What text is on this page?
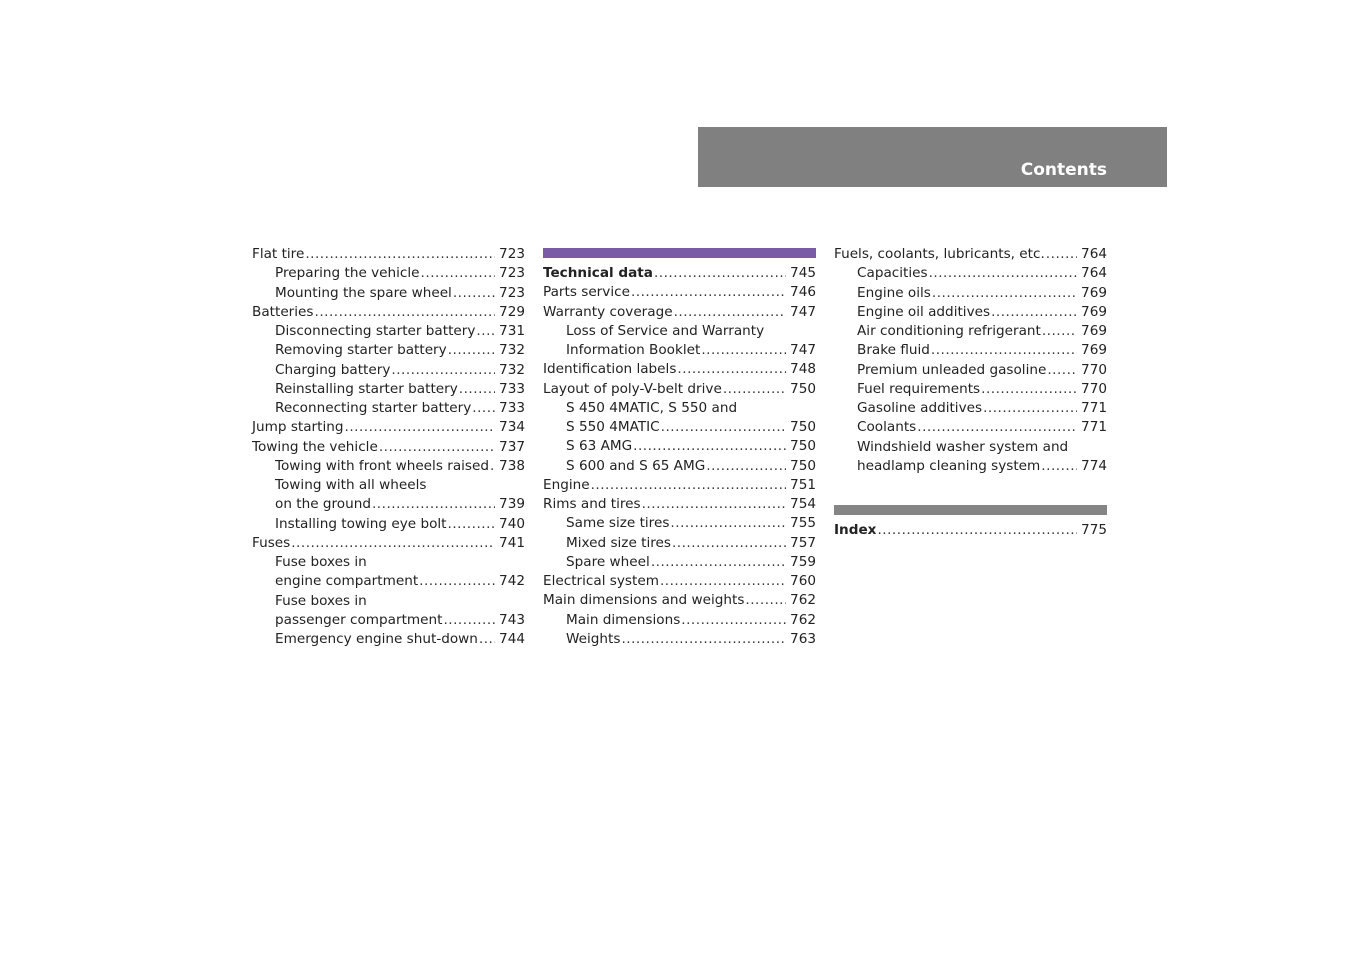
Contents
Flat tire .....	723
Preparing the vehicle .....	723
Mounting the spare wheel .....	723
Batteries .....	729
Disconnecting starter battery ..... 731
Removing starter battery .....	732
Charging battery .....	732
Reinstalling starter battery .....	733
Reconnecting starter battery ..... 733
Jump starting .....	734
Towing the vehicle .....	737
Towing with front wheels raised ..... 738
Towing with all wheels
on the ground .....	739
Installing towing eye bolt .....	740
Fuses .....	741
Fuse boxes in
engine compartment .....	742
Fuse boxes in
passenger compartment .....	743
Emergency engine shut-down ..... 744
Technical data .....	745
Parts service .....	746
Warranty coverage .....	747
Loss of Service and Warranty
Information Booklet .....	747
Identification labels .....	748
Layout of poly-V-belt drive .....	750
S 450 4MATIC, S 550 and
S 550 4MATIC .....	750
S 63 AMG .....	750
S 600 and S 65 AMG .....	750
Engine .....	751
Rims and tires .....	754
Same size tires .....	755
Mixed size tires .....	757
Spare wheel .....	759
Electrical system .....	760
Main dimensions and weights .....	762
Main dimensions .....	762
Weights .....	763
Fuels, coolants, lubricants, etc. .....	764
Capacities .....	764
Engine oils .....	769
Engine oil additives .....	769
Air conditioning refrigerant .....	769
Brake fluid .....	769
Premium unleaded gasoline .....	770
Fuel requirements .....	770
Gasoline additives .....	771
Coolants .....	771
Windshield washer system and
headlamp cleaning system .....	774
Index .....	775
